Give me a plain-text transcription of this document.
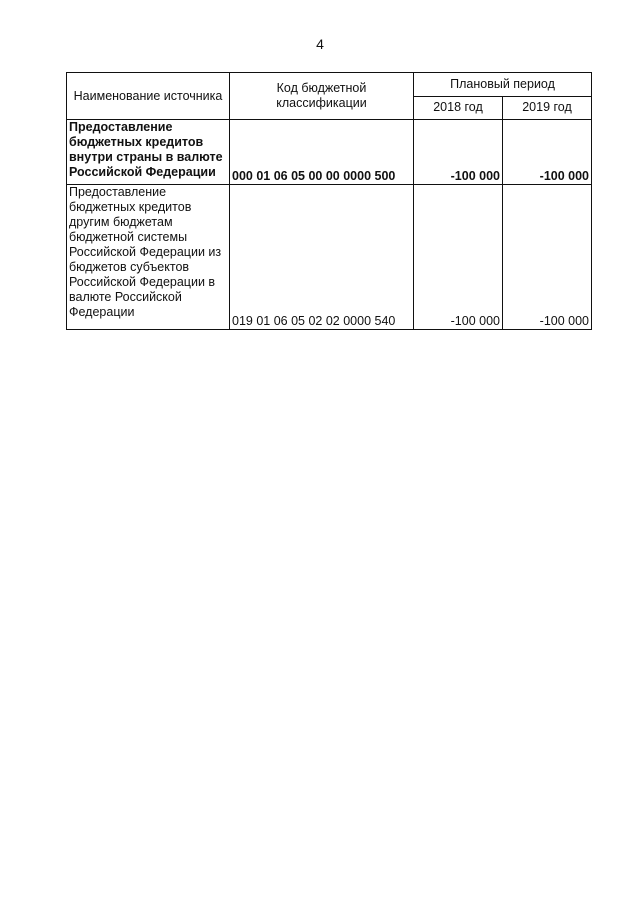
4
Наименование источника	Код бюджетной классификации	Плановый период	
		2018 год	2019 год
Предоставление бюджетных кредитов внутри страны в валюте Российской Федерации	000 01 06 05 00 00 0000 500	-100 000	-100 000
Предоставление бюджетных кредитов другим бюджетам бюджетной системы Российской Федерации из бюджетов субъектов Российской Федерации в валюте Российской Федерации	019 01 06 05 02 02 0000 540	-100 000	-100 000
